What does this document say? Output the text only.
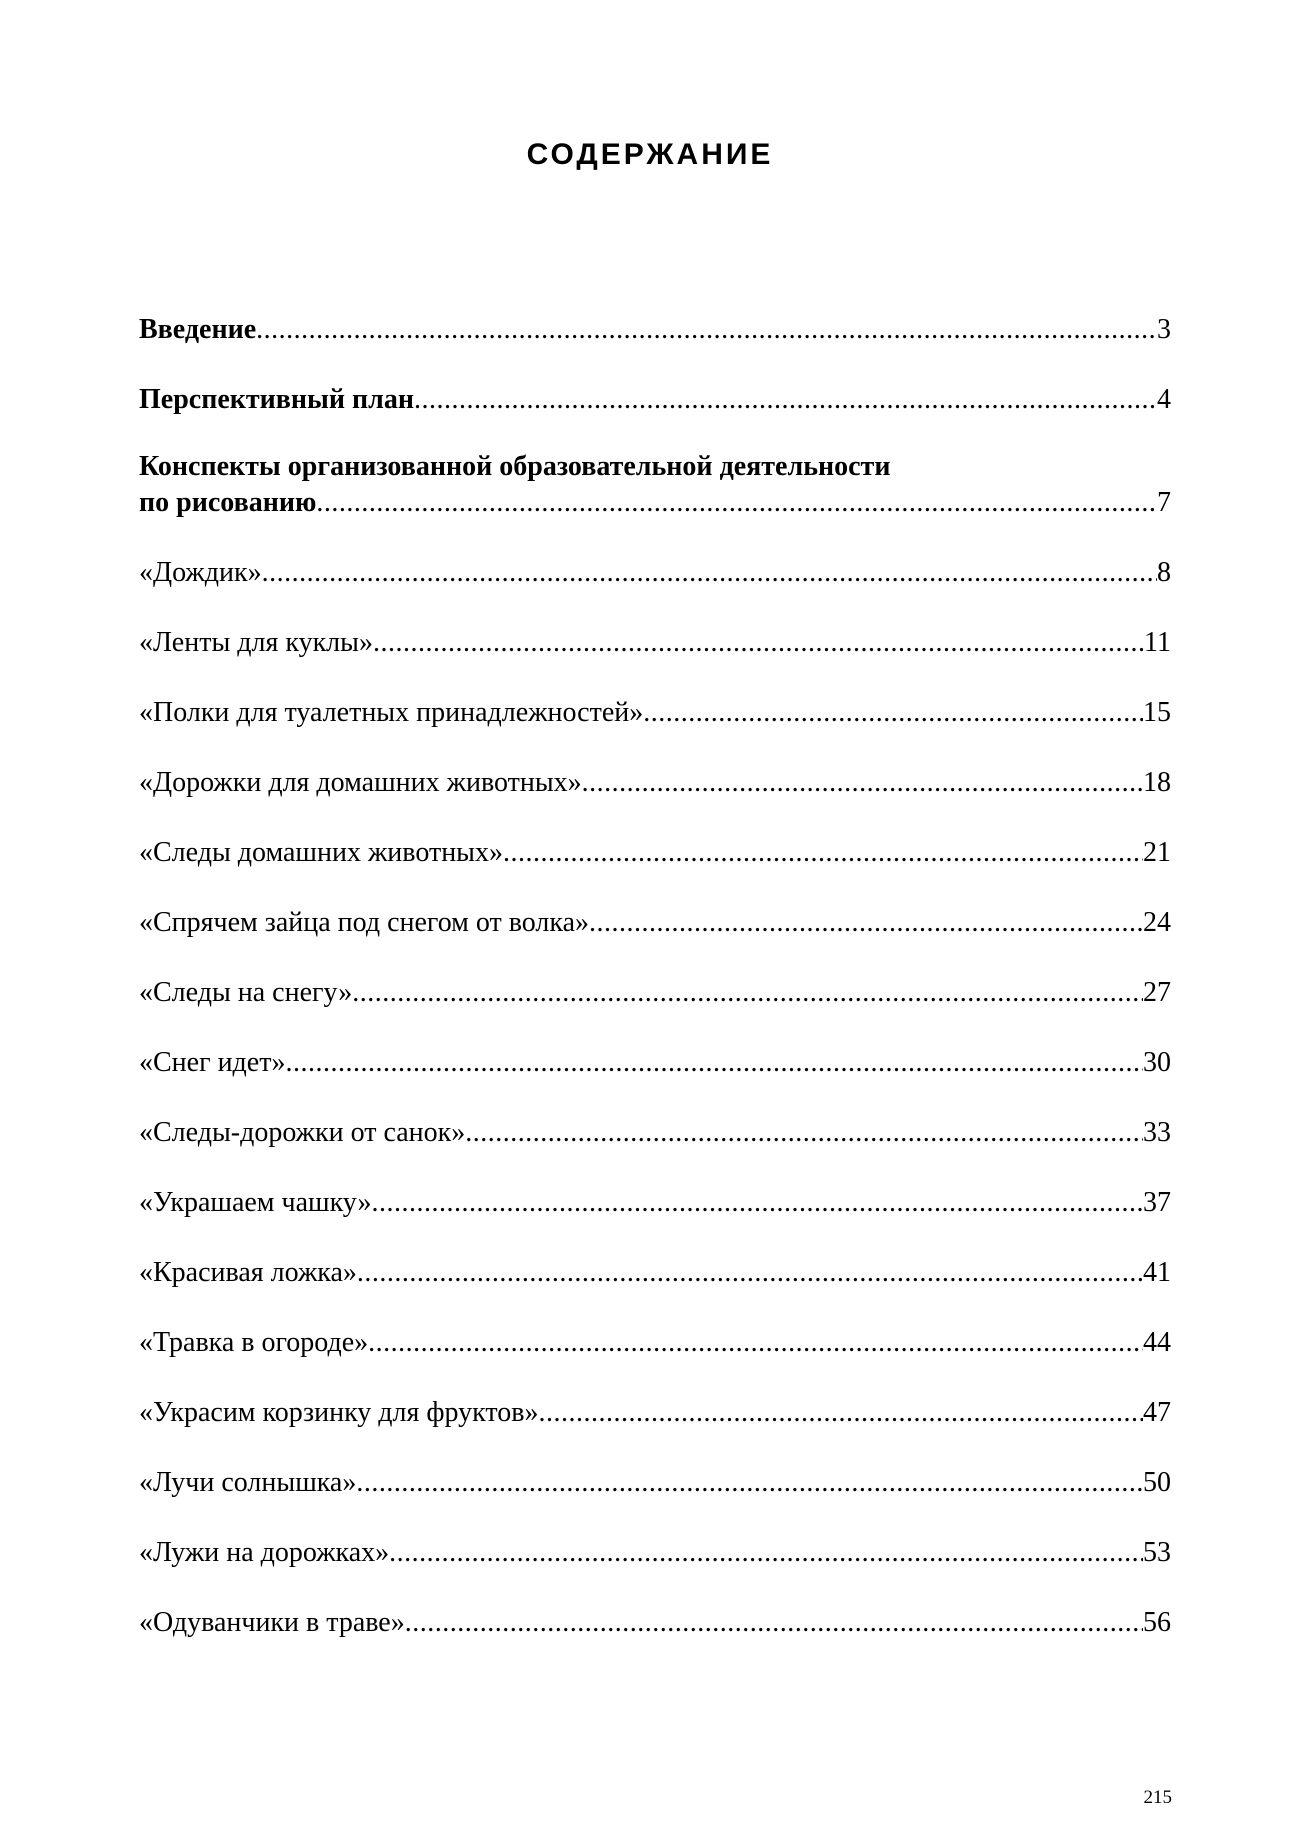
СОДЕРЖАНИЕ
Введение .....	3
Перспективный план .....	4
Конспекты организованной образовательной деятельности
по рисованию .....	7
«Дождик» .....	8
«Ленты для куклы» .....	11
«Полки для туалетных принадлежностей» .....	15
«Дорожки для домашних животных» .....	18
«Следы домашних животных» .....	21
«Спрячем зайца под снегом от волка» .....	24
«Следы на снегу» .....	27
«Снег идет» .....	30
«Следы-дорожки от санок» .....	33
«Украшаем чашку» .....	37
«Красивая ложка» .....	41
«Травка в огороде» .....	44
«Украсим корзинку для фруктов» .....	47
«Лучи солнышка» .....	50
«Лужи на дорожках» .....	53
«Одуванчики в траве» .....	56
215
